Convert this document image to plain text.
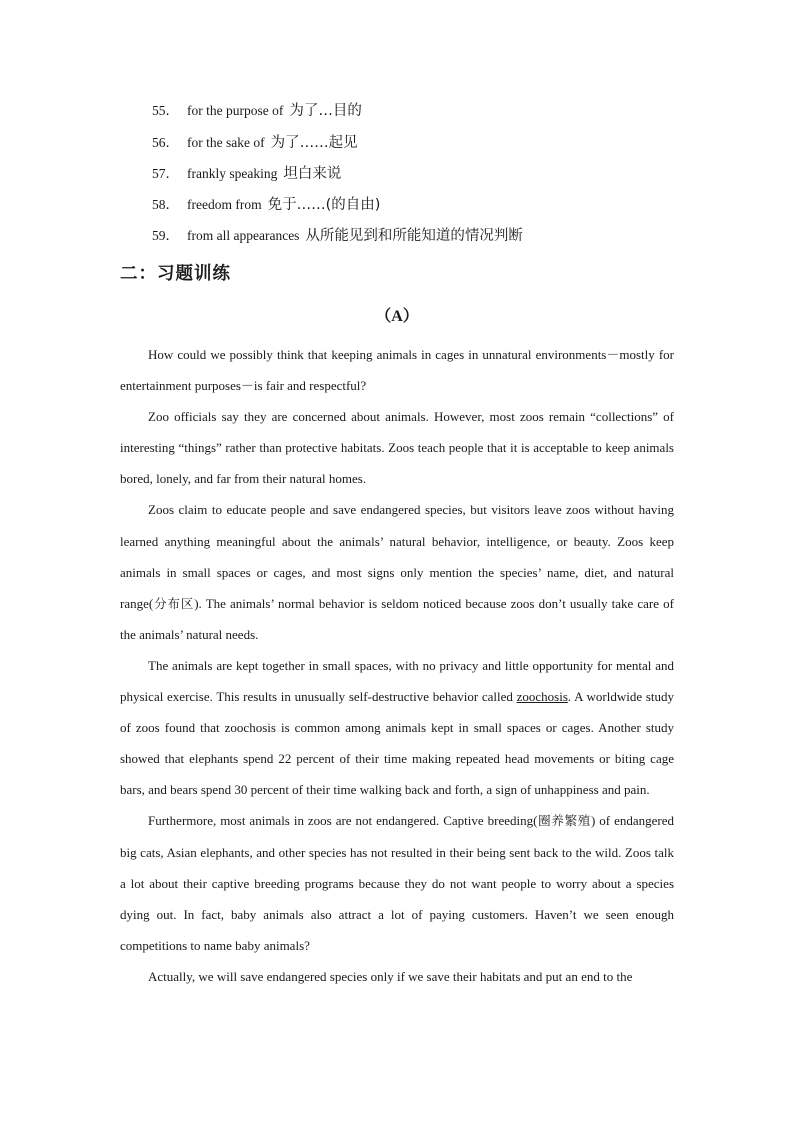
55． for the purpose of 为了…目的
56． for the sake of 为了……起见
57． frankly speaking 坦白来说
58． freedom from 免于……(的自由)
59． from all appearances 从所能见到和所能知道的情况判断
二：习题训练
（A）

How could we possibly think that keeping animals in cages in unnatural environments－mostly for entertainment purposes－is fair and respectful?

Zoo officials say they are concerned about animals. However, most zoos remain “collections” of interesting “things” rather than protective habitats. Zoos teach people that it is acceptable to keep animals bored, lonely, and far from their natural homes.

Zoos claim to educate people and save endangered species, but visitors leave zoos without having learned anything meaningful about the animals’ natural behavior, intelligence, or beauty. Zoos keep animals in small spaces or cages, and most signs only mention the species’ name, diet, and natural range(分布区). The animals’ normal behavior is seldom noticed because zoos don’t usually take care of the animals’ natural needs.

The animals are kept together in small spaces, with no privacy and little opportunity for mental and physical exercise. This results in unusually self-destructive behavior called zoochosis. A worldwide study of zoos found that zoochosis is common among animals kept in small spaces or cages. Another study showed that elephants spend 22 percent of their time making repeated head movements or biting cage bars, and bears spend 30 percent of their time walking back and forth, a sign of unhappiness and pain.

Furthermore, most animals in zoos are not endangered. Captive breeding(圈养繁殖) of endangered big cats, Asian elephants, and other species has not resulted in their being sent back to the wild. Zoos talk a lot about their captive breeding programs because they do not want people to worry about a species dying out. In fact, baby animals also attract a lot of paying customers. Haven’t we seen enough competitions to name baby animals?

Actually, we will save endangered species only if we save their habitats and put an end to the
